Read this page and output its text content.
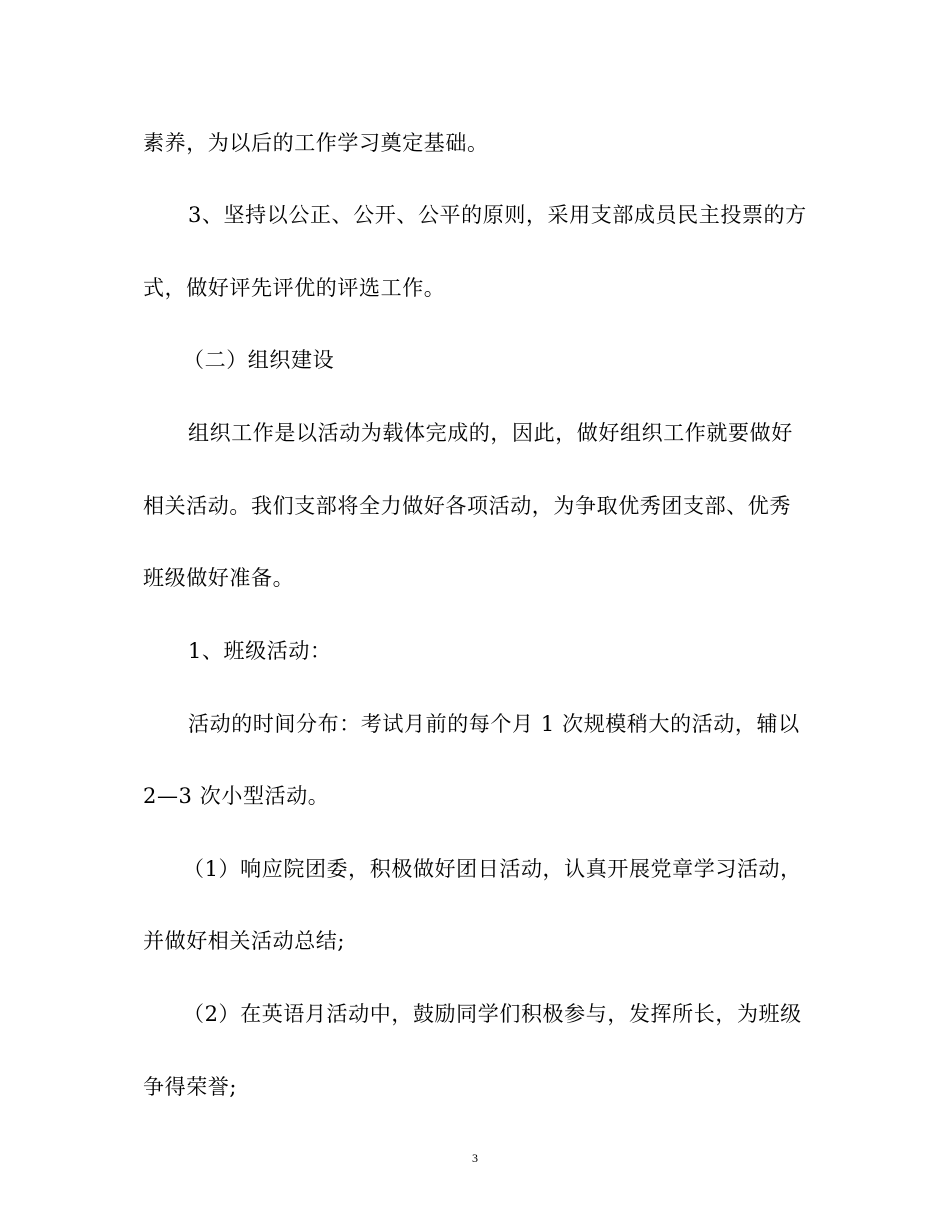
素养，为以后的工作学习奠定基础。
3、坚持以公正、公开、公平的原则，采用支部成员民主投票的方
式，做好评先评优的评选工作。
（二）组织建设
组织工作是以活动为载体完成的，因此，做好组织工作就要做好
相关活动。我们支部将全力做好各项活动，为争取优秀团支部、优秀
班级做好准备。
1、班级活动：
活动的时间分布：考试月前的每个月 1 次规模稍大的活动，辅以
2—3 次小型活动。
（1）响应院团委，积极做好团日活动，认真开展党章学习活动，
并做好相关活动总结;
（2）在英语月活动中，鼓励同学们积极参与，发挥所长，为班级
争得荣誉;
3
